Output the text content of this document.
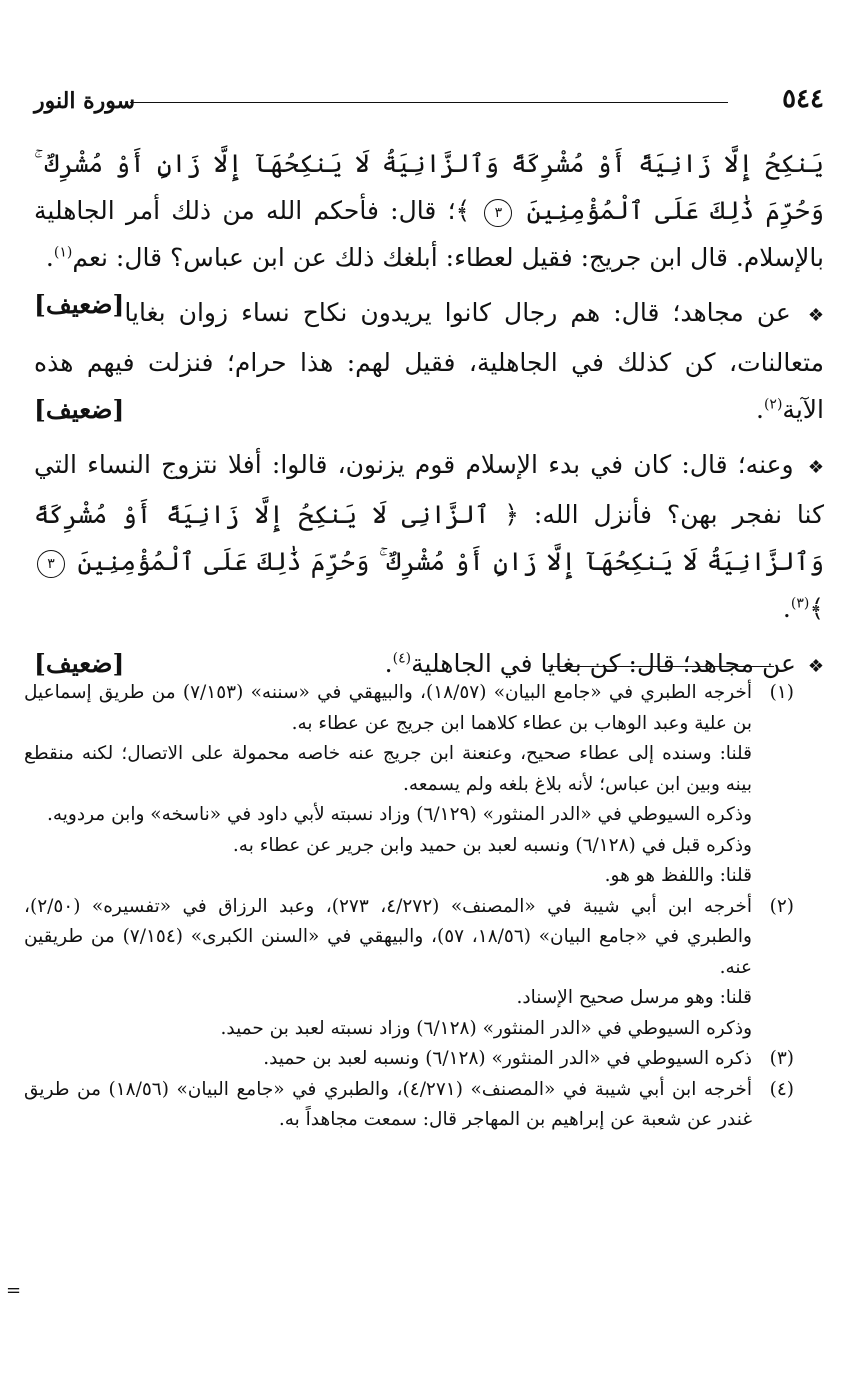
سورة النور	٥٤٤

يَنكِحُ إِلَّا زَانِيَةً أَوْ مُشْرِكَةً وَٱلزَّانِيَةُ لَا يَنكِحُهَآ إِلَّا زَانٍ أَوْ مُشْرِكٌ ۚ وَحُرِّمَ ذَٰلِكَ عَلَى ٱلْمُؤْمِنِينَ ٣ ﴾؛ قال: فأحكم الله من ذلك أمر الجاهلية بالإسلام. قال ابن جريج: فقيل لعطاء: أبلغك ذلك عن ابن عباس؟ قال: نعم$^{(١)}$.
[ضعيف]	❖ عن مجاهد؛ قال: هم رجال كانوا يريدون نكاح نساء زوان بغايا متعالنات، كن كذلك في الجاهلية، فقيل لهم: هذا حرام؛ فنزلت فيهم هذه الآية$^{(٢)}$.
[ضعيف]

❖ وعنه؛ قال: كان في بدء الإسلام قوم يزنون، قالوا: أفلا نتزوج النساء التي كنا نفجر بهن؟ فأنزل الله: ﴿ ٱلزَّانِى لَا يَنكِحُ إِلَّا زَانِيَةً أَوْ مُشْرِكَةً وَٱلزَّانِيَةُ لَا يَنكِحُهَآ إِلَّا زَانٍ أَوْ مُشْرِكٌ ۚ وَحُرِّمَ ذَٰلِكَ عَلَى ٱلْمُؤْمِنِينَ ٣ ﴾$^{(٣)}$.

❖ عن مجاهد؛ قال: كن بغايا في الجاهلية$^{(٤)}$.
[ضعيف]

(١)
أخرجه الطبري في «جامع البيان» (١٨/٥٧)، والبيهقي في «سننه» (٧/١٥٣) من طريق إسماعيل بن علية وعبد الوهاب بن عطاء كلاهما ابن جريج عن عطاء به.
قلنا: وسنده إلى عطاء صحيح، وعنعنة ابن جريج عنه خاصه محمولة على الاتصال؛ لكنه منقطع بينه وبين ابن عباس؛ لأنه بلاغ بلغه ولم يسمعه.
وذكره السيوطي في «الدر المنثور» (٦/١٢٩) وزاد نسبته لأبي داود في «ناسخه» وابن مردويه.
وذكره قبل في (٦/١٢٨) ونسبه لعبد بن حميد وابن جرير عن عطاء به.
قلنا: واللفظ هو هو.
(٢)
أخرجه ابن أبي شيبة في «المصنف» (٤/٢٧٢، ٢٧٣)، وعبد الرزاق في «تفسيره» (٢/٥٠)، والطبري في «جامع البيان» (١٨/٥٦، ٥٧)، والبيهقي في «السنن الكبرى» (٧/١٥٤) من طريقين عنه.
قلنا: وهو مرسل صحيح الإسناد.
وذكره السيوطي في «الدر المنثور» (٦/١٢٨) وزاد نسبته لعبد بن حميد.
(٣)
ذكره السيوطي في «الدر المنثور» (٦/١٢٨) ونسبه لعبد بن حميد.
(٤)
أخرجه ابن أبي شيبة في «المصنف» (٤/٢٧١)، والطبري في «جامع البيان» (١٨/٥٦) من طريق غندر عن شعبة عن إبراهيم بن المهاجر قال: سمعت مجاهداً به.
=
